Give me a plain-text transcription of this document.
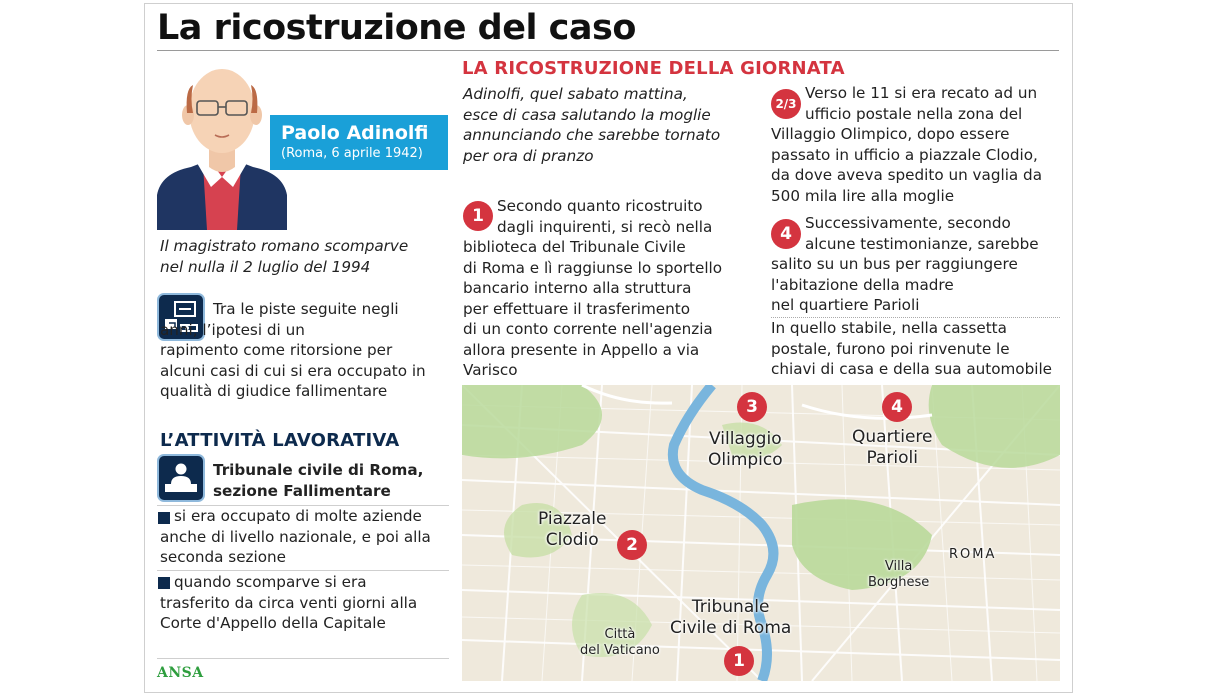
La ricostruzione del caso
Paolo Adinolfi
(Roma, 6 aprile 1942)
Il magistrato romano scomparve
nel nulla il 2 luglio del 1994
Tra le piste seguite negli
anni, l’ipotesi di un
rapimento come ritorsione per
alcuni casi di cui si era occupato in
qualità di giudice fallimentare
L’ATTIVITÀ LAVORATIVA
Tribunale civile di Roma,
sezione Fallimentare
si era occupato di molte aziende
anche di livello nazionale, e poi alla
seconda sezione
quando scomparve si era
trasferito da circa venti giorni alla
Corte d'Appello della Capitale
ANSA
LA RICOSTRUZIONE DELLA GIORNATA
Adinolfi, quel sabato mattina,
esce di casa salutando la moglie
annunciando che sarebbe tornato
per ora di pranzo
1 Secondo quanto ricostruito
dagli inquirenti, si recò nella
biblioteca del Tribunale Civile
di Roma e lì raggiunse lo sportello
bancario interno alla struttura
per effettuare il trasferimento
di un conto corrente nell'agenzia
allora presente in Appello a via
Varisco
2/3
Verso le 11 si era recato ad un
ufficio postale nella zona del
Villaggio Olimpico, dopo essere
passato in ufficio a piazzale Clodio,
da dove aveva spedito un vaglia da
500 mila lire alla moglie
4
Successivamente, secondo
alcune testimonianze, sarebbe
salito su un bus per raggiungere
l'abitazione della madre
nel quartiere Parioli
In quello stabile, nella cassetta
postale, furono poi rinvenute le
chiavi di casa e della sua automobile
Villaggio
Olimpico
Quartiere
Parioli
Piazzale
Clodio
Villa
Borghese
ROMA
Tribunale
Civile di Roma
Città
del Vaticano
3	4
2
1
